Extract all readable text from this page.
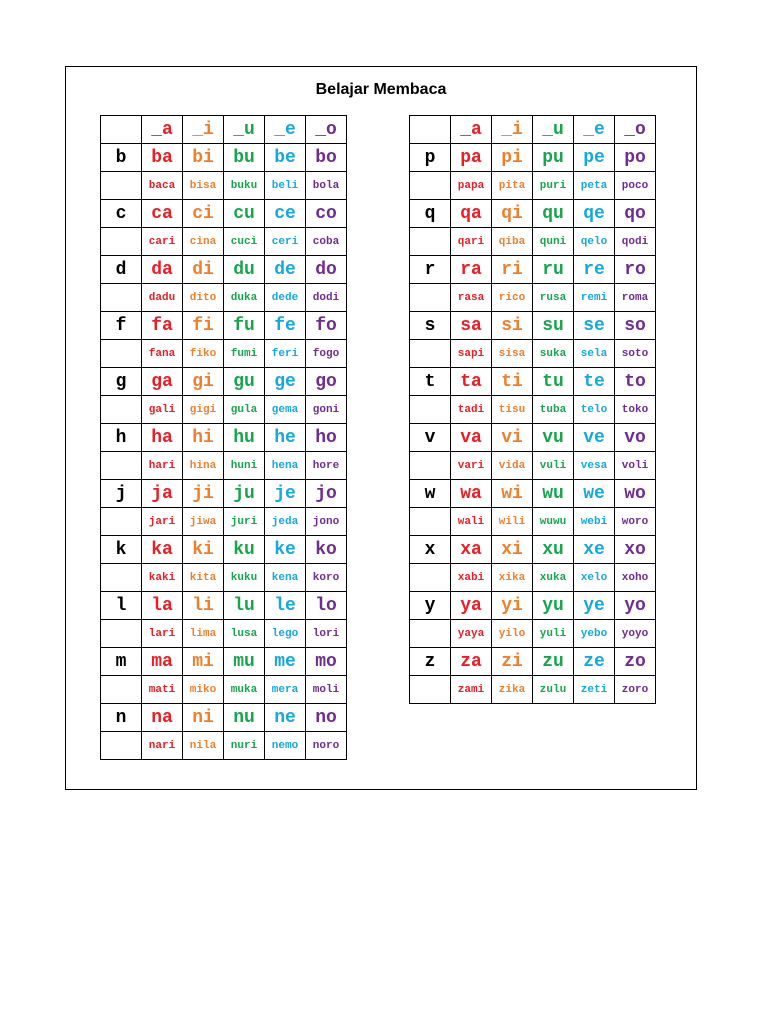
Belajar Membaca
	_a	_i	_u	_e	_o
b	ba	bi	bu	be	bo
	baca	bisa	buku	beli	bola
c	ca	ci	cu	ce	co
	cari	cina	cuci	ceri	coba
d	da	di	du	de	do
	dadu	dito	duka	dede	dodi
f	fa	fi	fu	fe	fo
	fana	fiko	fumi	feri	fogo
g	ga	gi	gu	ge	go
	gali	gigi	gula	gema	goni
h	ha	hi	hu	he	ho
	hari	hina	huni	hena	hore
j	ja	ji	ju	je	jo
	jari	jiwa	juri	jeda	jono
k	ka	ki	ku	ke	ko
	kaki	kita	kuku	kena	koro
l	la	li	lu	le	lo
	lari	lima	lusa	lego	lori
m	ma	mi	mu	me	mo
	mati	miko	muka	mera	moli
n	na	ni	nu	ne	no
	nari	nila	nuri	nemo	noro
	_a	_i	_u	_e	_o
p	pa	pi	pu	pe	po
	papa	pita	puri	peta	poco
q	qa	qi	qu	qe	qo
	qari	qiba	quni	qelo	qodi
r	ra	ri	ru	re	ro
	rasa	rico	rusa	remi	roma
s	sa	si	su	se	so
	sapi	sisa	suka	sela	soto
t	ta	ti	tu	te	to
	tadi	tisu	tuba	telo	toko
v	va	vi	vu	ve	vo
	vari	vida	vuli	vesa	voli
w	wa	wi	wu	we	wo
	wali	wili	wuwu	webi	woro
x	xa	xi	xu	xe	xo
	xabi	xika	xuka	xelo	xoho
y	ya	yi	yu	ye	yo
	yaya	yilo	yuli	yebo	yoyo
z	za	zi	zu	ze	zo
	zami	zika	zulu	zeti	zoro
